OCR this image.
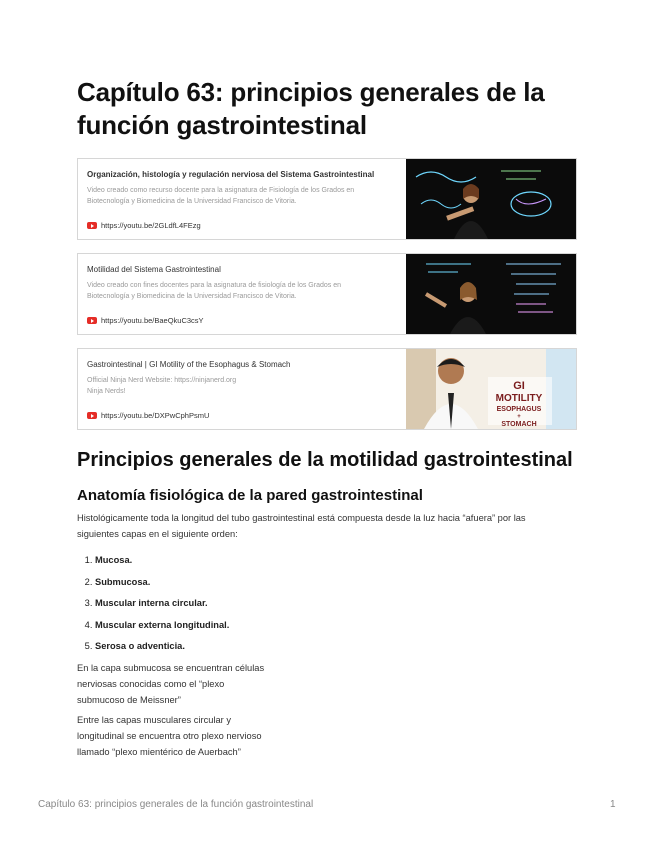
Capítulo 63: principios generales de la función gastrointestinal
Organización, histología y regulación nerviosa del Sistema Gastrointestinal
Video creado como recurso docente para la asignatura de Fisiología de los Grados en
Biotecnología y Biomedicina de la Universidad Francisco de Vitoria.
https://youtu.be/2GLdfL4FEzg
Motilidad del Sistema Gastrointestinal
Video creado con fines docentes para la asignatura de fisiología de los Grados en
Biotecnología y Biomedicina de la Universidad Francisco de Vitoria.
https://youtu.be/BaeQkuC3csY
Gastrointestinal | GI Motility of the Esophagus & Stomach
Official Ninja Nerd Website: https://ninjanerd.org
Ninja Nerds!
https://youtu.be/DXPwCphPsmU
GI
MOTILITY
ESOPHAGUS
+
STOMACH
Principios generales de la motilidad gastrointestinal
Anatomía fisiológica de la pared gastrointestinal
Histológicamente toda la longitud del tubo gastrointestinal está compuesta desde la luz hacia “afuera” por las
siguientes capas en el siguiente orden:
1. Mucosa.
2. Submucosa.
3. Muscular interna circular.
4. Muscular externa longitudinal.
5. Serosa o adventicia.
En la capa submucosa se encuentran células
nerviosas conocidas como el “plexo
submucoso de Meissner”
Entre las capas musculares circular y
longitudinal se encuentra otro plexo nervioso
llamado “plexo mientérico de Auerbach”
Capítulo 63: principios generales de la función gastrointestinal	1
